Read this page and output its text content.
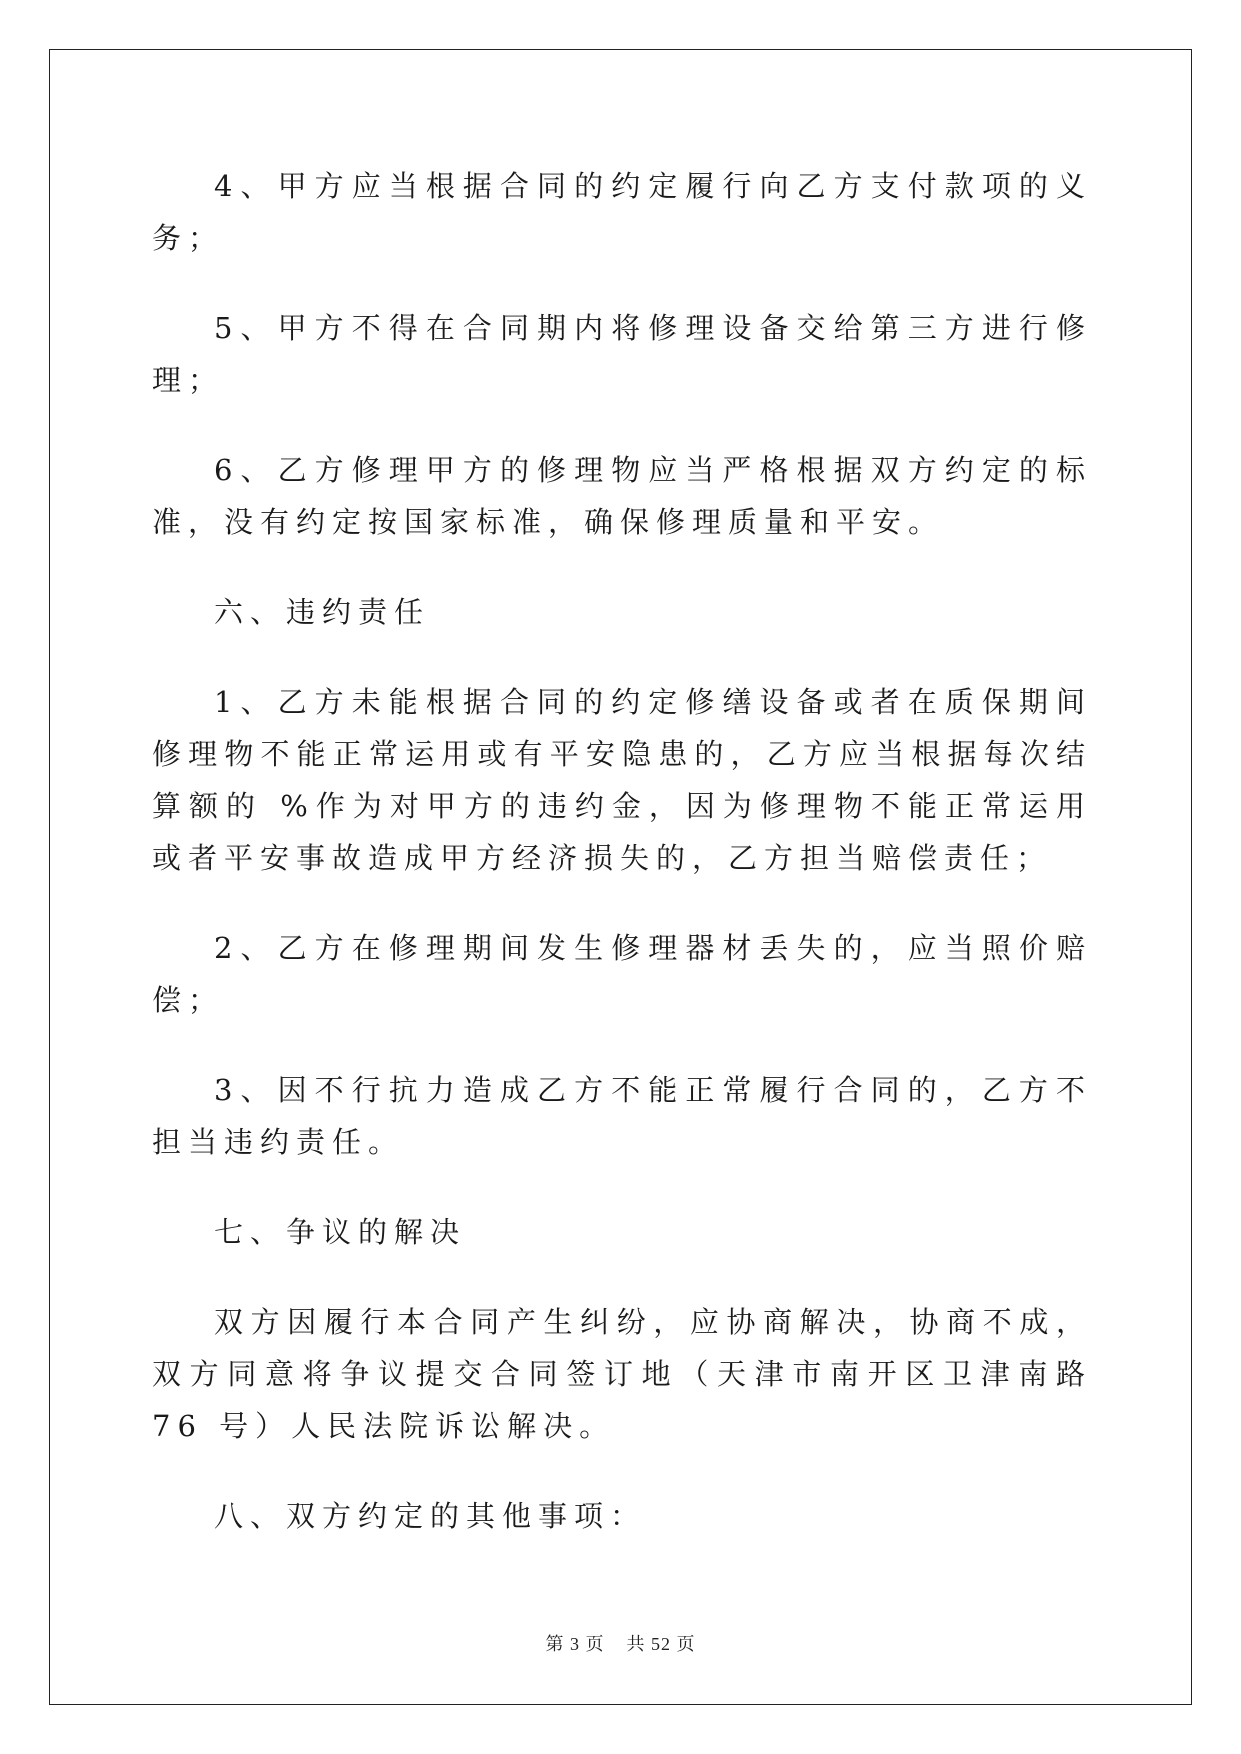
4、甲方应当根据合同的约定履行向乙方支付款项的义务；

5、甲方不得在合同期内将修理设备交给第三方进行修理；

6、乙方修理甲方的修理物应当严格根据双方约定的标准，没有约定按国家标准，确保修理质量和平安。

六、违约责任

1、乙方未能根据合同的约定修缮设备或者在质保期间修理物不能正常运用或有平安隐患的，乙方应当根据每次结算额的 %作为对甲方的违约金，因为修理物不能正常运用或者平安事故造成甲方经济损失的，乙方担当赔偿责任；

2、乙方在修理期间发生修理器材丢失的，应当照价赔偿；

3、因不行抗力造成乙方不能正常履行合同的，乙方不担当违约责任。

七、争议的解决

双方因履行本合同产生纠纷，应协商解决，协商不成，双方同意将争议提交合同签订地（天津市南开区卫津南路 76 号）人民法院诉讼解决。

八、双方约定的其他事项：

第 3 页 共 52 页
